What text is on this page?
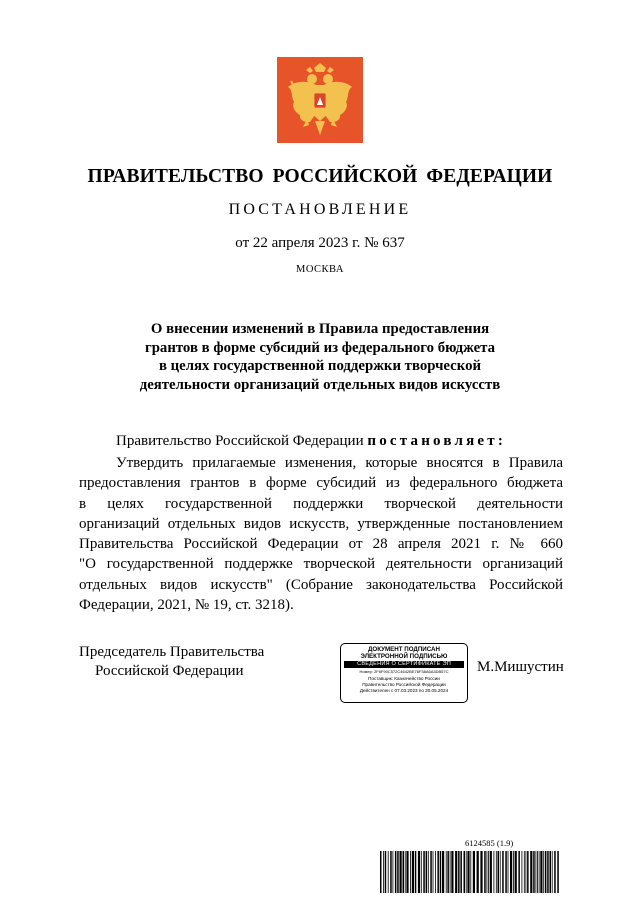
ПРАВИТЕЛЬСТВО РОССИЙСКОЙ ФЕДЕРАЦИИ
ПОСТАНОВЛЕНИЕ
от 22 апреля 2023 г. № 637
МОСКВА
О внесении изменений в Правила предоставления
грантов в форме субсидий из федерального бюджета
в целях государственной поддержки творческой
деятельности организаций отдельных видов искусств
Правительство Российской Федерации постановляет:
Утвердить прилагаемые изменения, которые вносятся в Правила
предоставления грантов в форме субсидий из федерального бюджета
в целях государственной поддержки творческой деятельности
организаций отдельных видов искусств, утвержденные постановлением
Правительства Российской Федерации от 28 апреля 2021 г. № 660
"О государственной поддержке творческой деятельности организаций
отдельных видов искусств" (Собрание законодательства Российской
Федерации, 2021, № 19, ст. 3218).
Председатель Правительства
Российской Федерации
ДОКУМЕНТ ПОДПИСАН
ЭЛЕКТРОННОЙ ПОДПИСЬЮ
СВЕДЕНИЯ О СЕРТИФИКАТЕ ЭП
Номер: 2F6F90C572C4642BE76F38A6A3DB57C
Поставщик: Казначейство России
Правительство Российской Федерации
Действителен с 07.03.2023 по 30.05.2024
М.Мишустин
6124585 (1.9)
